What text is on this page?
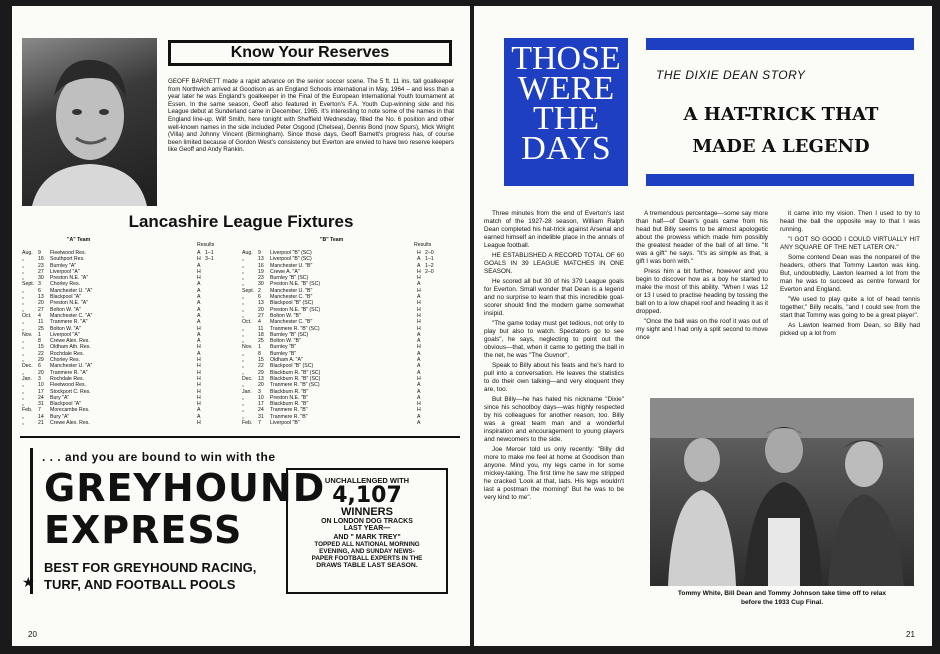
Know Your Reserves
GEOFF BARNETT made a rapid advance on the senior soccer scene. The 5 ft. 11 ins. tall goalkeeper from Northwich arrived at Goodison as an England Schools international in May, 1964 – and less than a year later he was England's goalkeeper in the Final of the European International Youth tournament at Essen. In the same season, Geoff also featured in Everton's F.A. Youth Cup-winning side and his League debut at Sunderland came in December, 1965. It's interesting to note some of the names in that England line-up. Wilf Smith, here tonight with Sheffield Wednesday, filled the No. 6 position and other well-known names in the side included Peter Osgood (Chelsea), Dennis Bond (now Spurs), Mick Wright (Villa) and Johnny Vincent (Birmingham). Since those days, Geoff Barnett's progress has, of course been limited because of Gordon West's consistency but Everton are envied to have two reserve keepers like Geoff and Andy Rankin.
Lancashire League Fixtures
"A" Team
Results
"B" Team
Results
Aug. 9 Fleetwood Res.	A 1–1
„	16 Southport Res.	H 3–1
„	23 Burnley "A"	A
„	27 Liverpool "A"	H
„	30 Preston N.E. "A"	H
Sept. 3 Chorley Res.	A
„	6 Manchester U. "A"	A
„	13 Blackpool "A"	A
„	20 Preston N.E. "A"	A
„	27 Bolton W. "A"	A
Oct. 4 Manchester C. "A"	A
„	11 Tranmere R. "A"	A
„	25 Bolton W. "A"	H
Nov. 1 Liverpool "A"	A
„	8 Crewe Alex. Res.	A
„	15 Oldham Ath. Res.	H
„	22 Rochdale Res.	A
„	29 Chorley Res.	H
Dec. 6 Manchester U. "A"	H
„	20 Tranmere R. "A"	H
Jan. 3 Rochdale Res.	H
„	10 Fleetwood Res.	H
„	17 Stockport C. Res.	H
„	24 Bury "A"	H
„	31 Blackpool "A"	H
Feb. 7 Morecambe Res.	A
„	14 Bury "A"	A
„	21 Crewe Alex. Res.	H
Aug. 9 Liverpool "B" (SC)	H 2–0
„	13 Liverpool "B" (SC)	A 1–1
„	16 Manchester U. "B"	A 1–2
„	19 Crewe A. "A"	H 2–0
„	23 Burnley "B" (SC)	H
„	30 Preston N.E. "B" (SC)	A
Sept. 2 Manchester U. "B"	H
„	6 Manchester C. "B"	A
„	13 Blackpool "B" (SC)	H
„	20 Preston N.E. "B" (SC)	H
„	27 Bolton W. "B"	H
Oct. 4 Manchester C. "B"	H
„	11 Tranmere R. "B" (SC)	H
„	18 Burnley "B" (SC)	A
„	25 Bolton W. "B"	A
Nov. 1 Burnley "B"	H
„	8 Burnley "B"	A
„	15 Oldham A. "A"	A
„	22 Blackpool "B" (SC)	A
„	29 Blackburn R. "B" (SC)	A
Dec. 13 Blackburn R. "B" (SC)	H
„	20 Tranmere R. "B" (SC)	A
Jan. 3 Blackburn R. "B"	A
„	10 Preston N.E. "B"	A
„	17 Blackburn R. "B"	H
„	24 Tranmere R. "B"	H
„	31 Tranmere R. "B"	A
Feb. 7 Liverpool "B"	A
. . . and you are bound to win with the
GREYHOUND
EXPRESS
BEST FOR GREYHOUND RACING,
★ TURF, AND FOOTBALL POOLS
UNCHALLENGED WITH
4,107
WINNERS
ON LONDON DOG TRACKS
LAST YEAR—
AND " MARK TREY"
TOPPED ALL NATIONAL MORNING
EVENING, AND SUNDAY NEWS-
PAPER FOOTBALL EXPERTS IN THE
DRAWS TABLE LAST SEASON.
20
THOSE
WERE
THE
DAYS
THE DIXIE DEAN STORY
A HAT-TRICK THAT
MADE A LEGEND

Three minutes from the end of Everton's last match of the 1927-28 season, William Ralph Dean completed his hat-trick against Arsenal and earned himself an indelible place in the annals of League football.

HE ESTABLISHED A RECORD TOTAL OF 60 GOALS IN 39 LEAGUE MATCHES IN ONE SEASON.

He scored all but 30 of his 379 League goals for Everton. Small wonder that Dean is a legend and no surprise to learn that this incredible goal-scorer should find the modern game somewhat insipid.

"The game today must get tedious, not only to play but also to watch. Spectators go to see goals", he says, neglecting to point out the obvious—that, when it came to getting the ball in the net, he was "The Guvnor".

Speak to Billy about his feats and he's hard to pull into a conversation. He leaves the statistics to do their own talking—and very eloquent they are, too.

But Billy—he has hated his nickname "Dixie" since his schoolboy days—was highly respected by his colleagues for another reason, too. Billy was a great team man and a wonderful inspiration and encouragement to young players and newcomers to the side.

Joe Mercer told us only recently: "Billy did more to make me feel at home at Goodison than anyone. Mind you, my legs came in for some mickey-taking. The first time he saw me stripped he cracked 'Look at that, lads. His legs wouldn't last a postman the morning!' But he was to be very kind to me".

A tremendous percentage—some say more than half—of Dean's goals came from his head but Billy seems to be almost apologetic about the prowess which made him possibly the greatest header of the ball of all time. "It was a gift" he says. "It's as simple as that, a gift I was born with."

Press him a bit further, however and you begin to discover how as a boy he started to make the most of this ability. "When I was 12 or 13 I used to practise heading by tossing the ball on to a low chapel roof and heading it as it dropped.

"Once the ball was on the roof it was out of my sight and I had only a split second to move once

it came into my vision. Then I used to try to head the ball the opposite way to that I was running.

"I GOT SO GOOD I COULD VIRTUALLY HIT ANY SQUARE OF THE NET LATER ON."

Some contend Dean was the nonpareil of the headers, others that Tommy Lawton was king. But, undoubtedly, Lawton learned a lot from the man he was to succeed as centre forward for Everton and England.

"We used to play quite a lot of head tennis together," Billy recalls, "and I could see from the start that Tommy was going to be a great player".

As Lawton learned from Dean, so Billy had picked up a lot from

Tommy White, Bill Dean and Tommy Johnson take time off to relax
before the 1933 Cup Final.
21
